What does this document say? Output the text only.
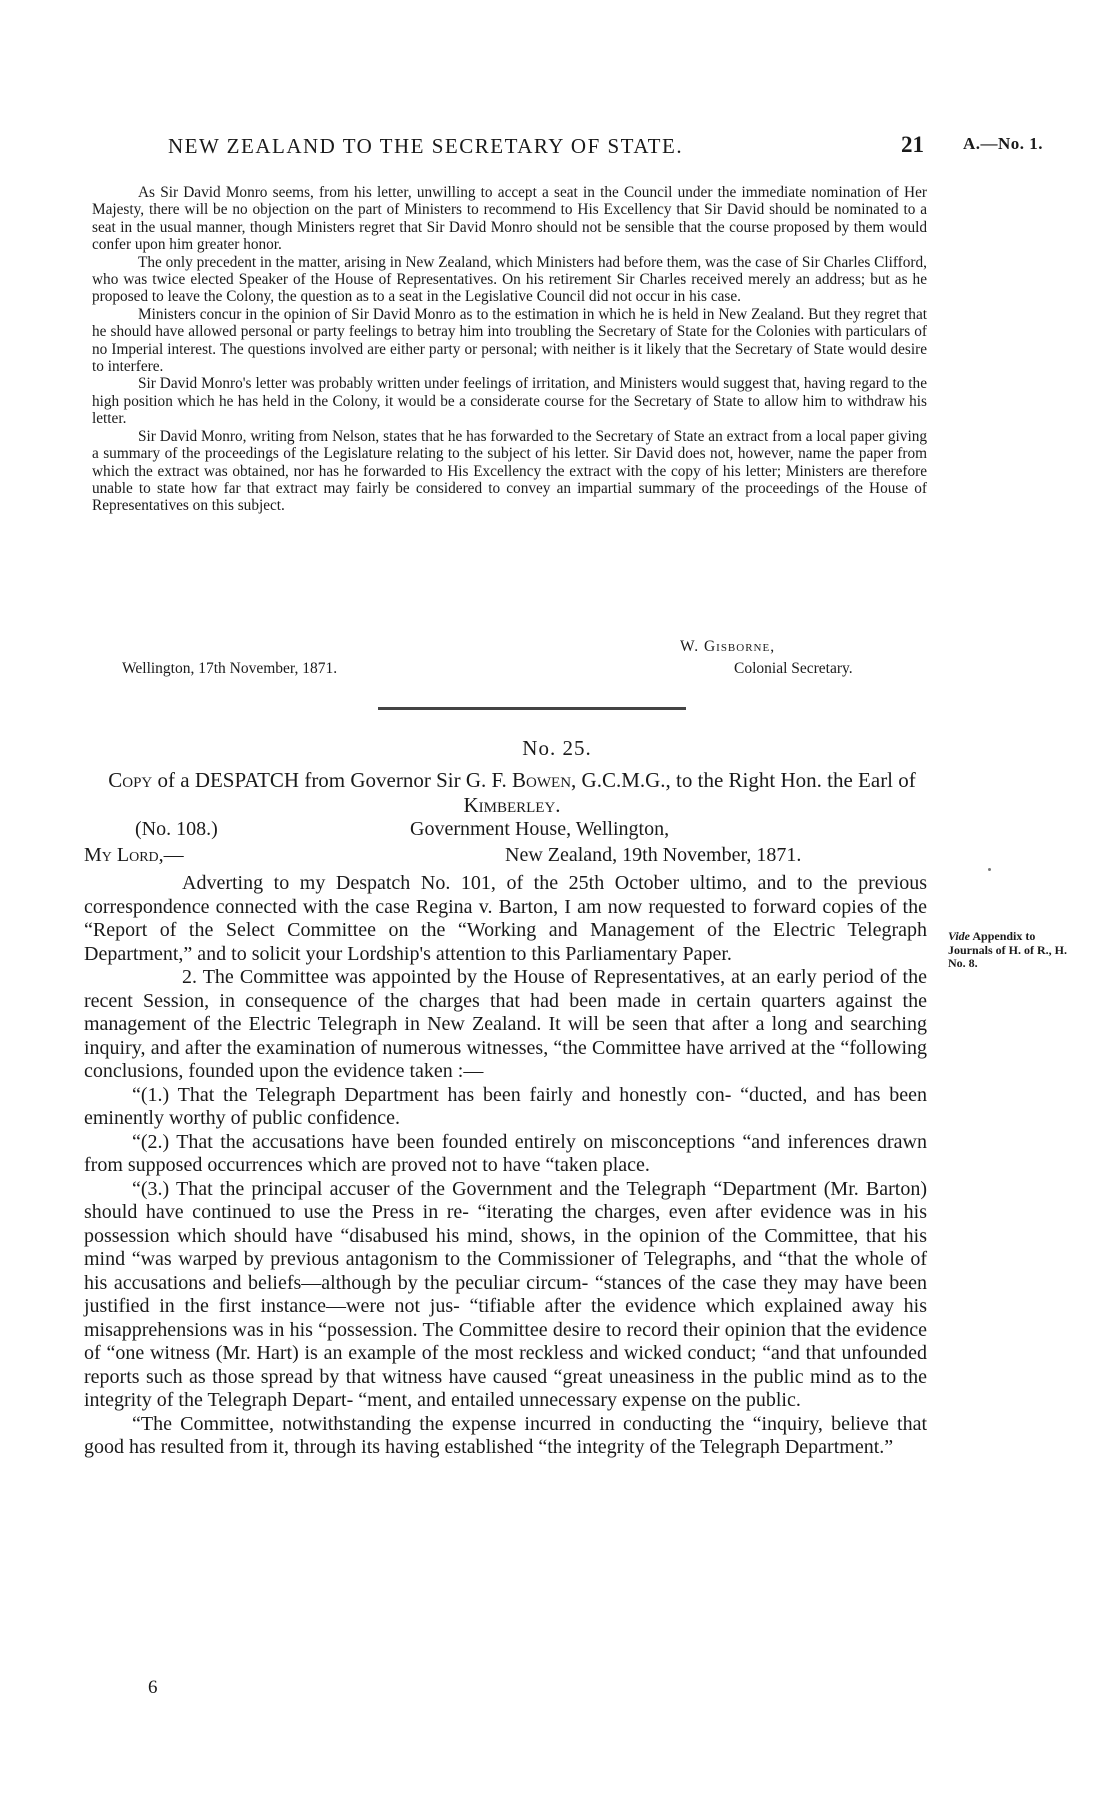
NEW ZEALAND TO THE SECRETARY OF STATE.	21 A.—No. 1.

As Sir David Monro seems, from his letter, unwilling to accept a seat in the Council under the immediate nomination of Her Majesty, there will be no objection on the part of Ministers to recommend to His Excellency that Sir David should be nominated to a seat in the usual manner, though Ministers regret that Sir David Monro should not be sensible that the course proposed by them would confer upon him greater honor.

The only precedent in the matter, arising in New Zealand, which Ministers had before them, was the case of Sir Charles Clifford, who was twice elected Speaker of the House of Representatives. On his retirement Sir Charles received merely an address; but as he proposed to leave the Colony, the question as to a seat in the Legislative Council did not occur in his case.

Ministers concur in the opinion of Sir David Monro as to the estimation in which he is held in New Zealand. But they regret that he should have allowed personal or party feelings to betray him into troubling the Secretary of State for the Colonies with particulars of no Imperial interest. The questions involved are either party or personal; with neither is it likely that the Secretary of State would desire to interfere.

Sir David Monro's letter was probably written under feelings of irritation, and Ministers would suggest that, having regard to the high position which he has held in the Colony, it would be a considerate course for the Secretary of State to allow him to withdraw his letter.

Sir David Monro, writing from Nelson, states that he has forwarded to the Secretary of State an extract from a local paper giving a summary of the proceedings of the Legislature relating to the subject of his letter. Sir David does not, however, name the paper from which the extract was obtained, nor has he forwarded to His Excellency the extract with the copy of his letter; Ministers are therefore unable to state how far that extract may fairly be considered to convey an impartial summary of the proceedings of the House of Representatives on this subject.

W. Gisborne,
Wellington, 17th November, 1871.	Colonial Secretary.
No. 25.
Copy of a DESPATCH from Governor Sir G. F. Bowen, G.C.M.G., to the Right Hon. the Earl of Kimberley.
(No. 108.)	Government House, Wellington,
My Lord,—	New Zealand, 19th November, 1871.

Adverting to my Despatch No. 101, of the 25th October ultimo, and to the previous correspondence connected with the case Regina v. Barton, I am now requested to forward copies of the “Report of the Select Committee on the “Working and Management of the Electric Telegraph Department,” and to solicit your Lordship's attention to this Parliamentary Paper.

2. The Committee was appointed by the House of Representatives, at an early period of the recent Session, in consequence of the charges that had been made in certain quarters against the management of the Electric Telegraph in New Zealand. It will be seen that after a long and searching inquiry, and after the examination of numerous witnesses, “the Committee have arrived at the “following conclusions, founded upon the evidence taken :—

“(1.) That the Telegraph Department has been fairly and honestly con- “ducted, and has been eminently worthy of public confidence.

“(2.) That the accusations have been founded entirely on misconceptions “and inferences drawn from supposed occurrences which are proved not to have “taken place.

“(3.) That the principal accuser of the Government and the Telegraph “Department (Mr. Barton) should have continued to use the Press in re- “iterating the charges, even after evidence was in his possession which should have “disabused his mind, shows, in the opinion of the Committee, that his mind “was warped by previous antagonism to the Commissioner of Telegraphs, and “that the whole of his accusations and beliefs—although by the peculiar circum- “stances of the case they may have been justified in the first instance—were not jus- “tifiable after the evidence which explained away his misapprehensions was in his “possession. The Committee desire to record their opinion that the evidence of “one witness (Mr. Hart) is an example of the most reckless and wicked conduct; “and that unfounded reports such as those spread by that witness have caused “great uneasiness in the public mind as to the integrity of the Telegraph Depart- “ment, and entailed unnecessary expense on the public.

“The Committee, notwithstanding the expense incurred in conducting the “inquiry, believe that good has resulted from it, through its having established “the integrity of the Telegraph Department.”

Vide Appendix to Journals of H. of R., H. No. 8.
6
